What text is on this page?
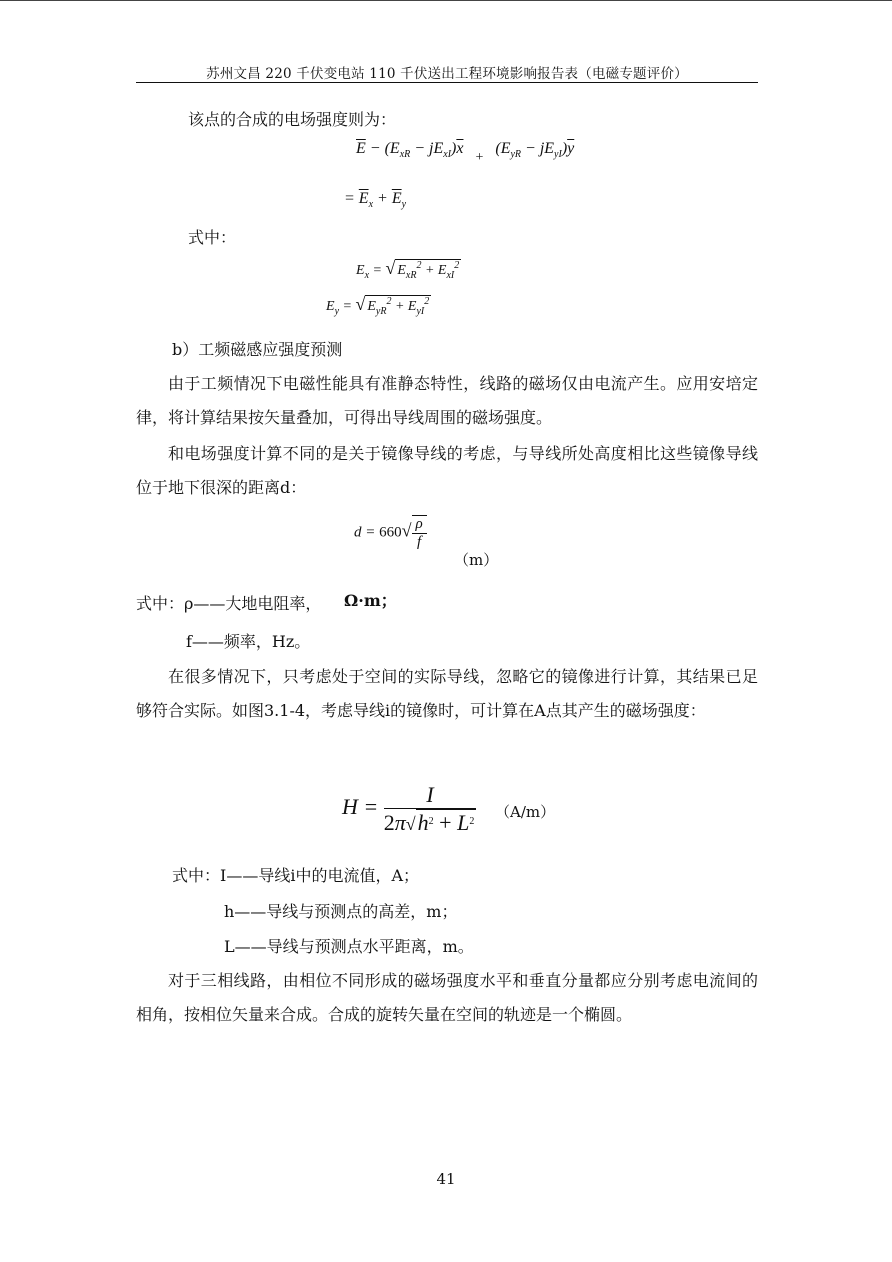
苏州文昌 220 千伏变电站 110 千伏送出工程环境影响报告表（电磁专题评价）
该点的合成的电场强度则为：
$\overline{E} - (E_{xR} - jE_{xI})\overline{x} + (E_{yR} - jE_{yI})\overline{y}$
= $\overline{E}_x + \overline{E}_y$
式中：
$E_x$ = √ $E_{xR}^2 + E_{xI}^2$
$E_y$ = √ $E_{yR}^2 + E_{yI}^2$
b）工频磁感应强度预测
由于工频情况下电磁性能具有准静态特性，线路的磁场仅由电流产生。应用安培定律，将计算结果按矢量叠加，可得出导线周围的磁场强度。
和电场强度计算不同的是关于镜像导线的考虑，与导线所处高度相比这些镜像导线位于地下很深的距离d：
$d = 660√ \frac{\rho}{f}$
（m）
式中：ρ——大地电阻率， Ω·m；
f——频率，Hz。
在很多情况下，只考虑处于空间的实际导线，忽略它的镜像进行计算，其结果已足够符合实际。如图3.1-4，考虑导线i的镜像时，可计算在A点其产生的磁场强度：
$H = \frac{I}{2\pi√h^2 + L^2} (A/m)$
式中：I——导线i中的电流值，A；
h——导线与预测点的高差，m；
L——导线与预测点水平距离，m。
对于三相线路，由相位不同形成的磁场强度水平和垂直分量都应分别考虑电流间的相角，按相位矢量来合成。合成的旋转矢量在空间的轨迹是一个椭圆。
41
